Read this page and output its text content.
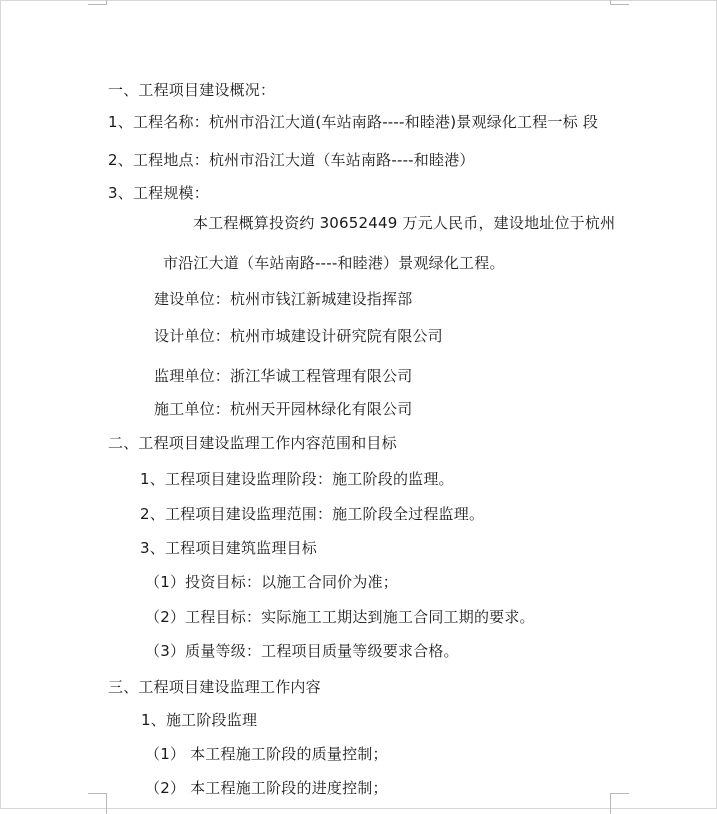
一、工程项目建设概况：
1、工程名称：杭州市沿江大道(车站南路----和睦港)景观绿化工程一标 段
2、工程地点：杭州市沿江大道（车站南路----和睦港）
3、工程规模：
本工程概算投资约 30652449 万元人民币，建设地址位于杭州
市沿江大道（车站南路----和睦港）景观绿化工程。
建设单位：杭州市钱江新城建设指挥部
设计单位：杭州市城建设计研究院有限公司
监理单位：浙江华诚工程管理有限公司
施工单位：杭州天开园林绿化有限公司
二、工程项目建设监理工作内容范围和目标
1、工程项目建设监理阶段：施工阶段的监理。
2、工程项目建设监理范围：施工阶段全过程监理。
3、工程项目建筑监理目标
（1）投资目标：以施工合同价为准；
（2）工程目标：实际施工工期达到施工合同工期的要求。
（3）质量等级：工程项目质量等级要求合格。
三、工程项目建设监理工作内容
1、施工阶段监理
（1） 本工程施工阶段的质量控制；
（2） 本工程施工阶段的进度控制；
